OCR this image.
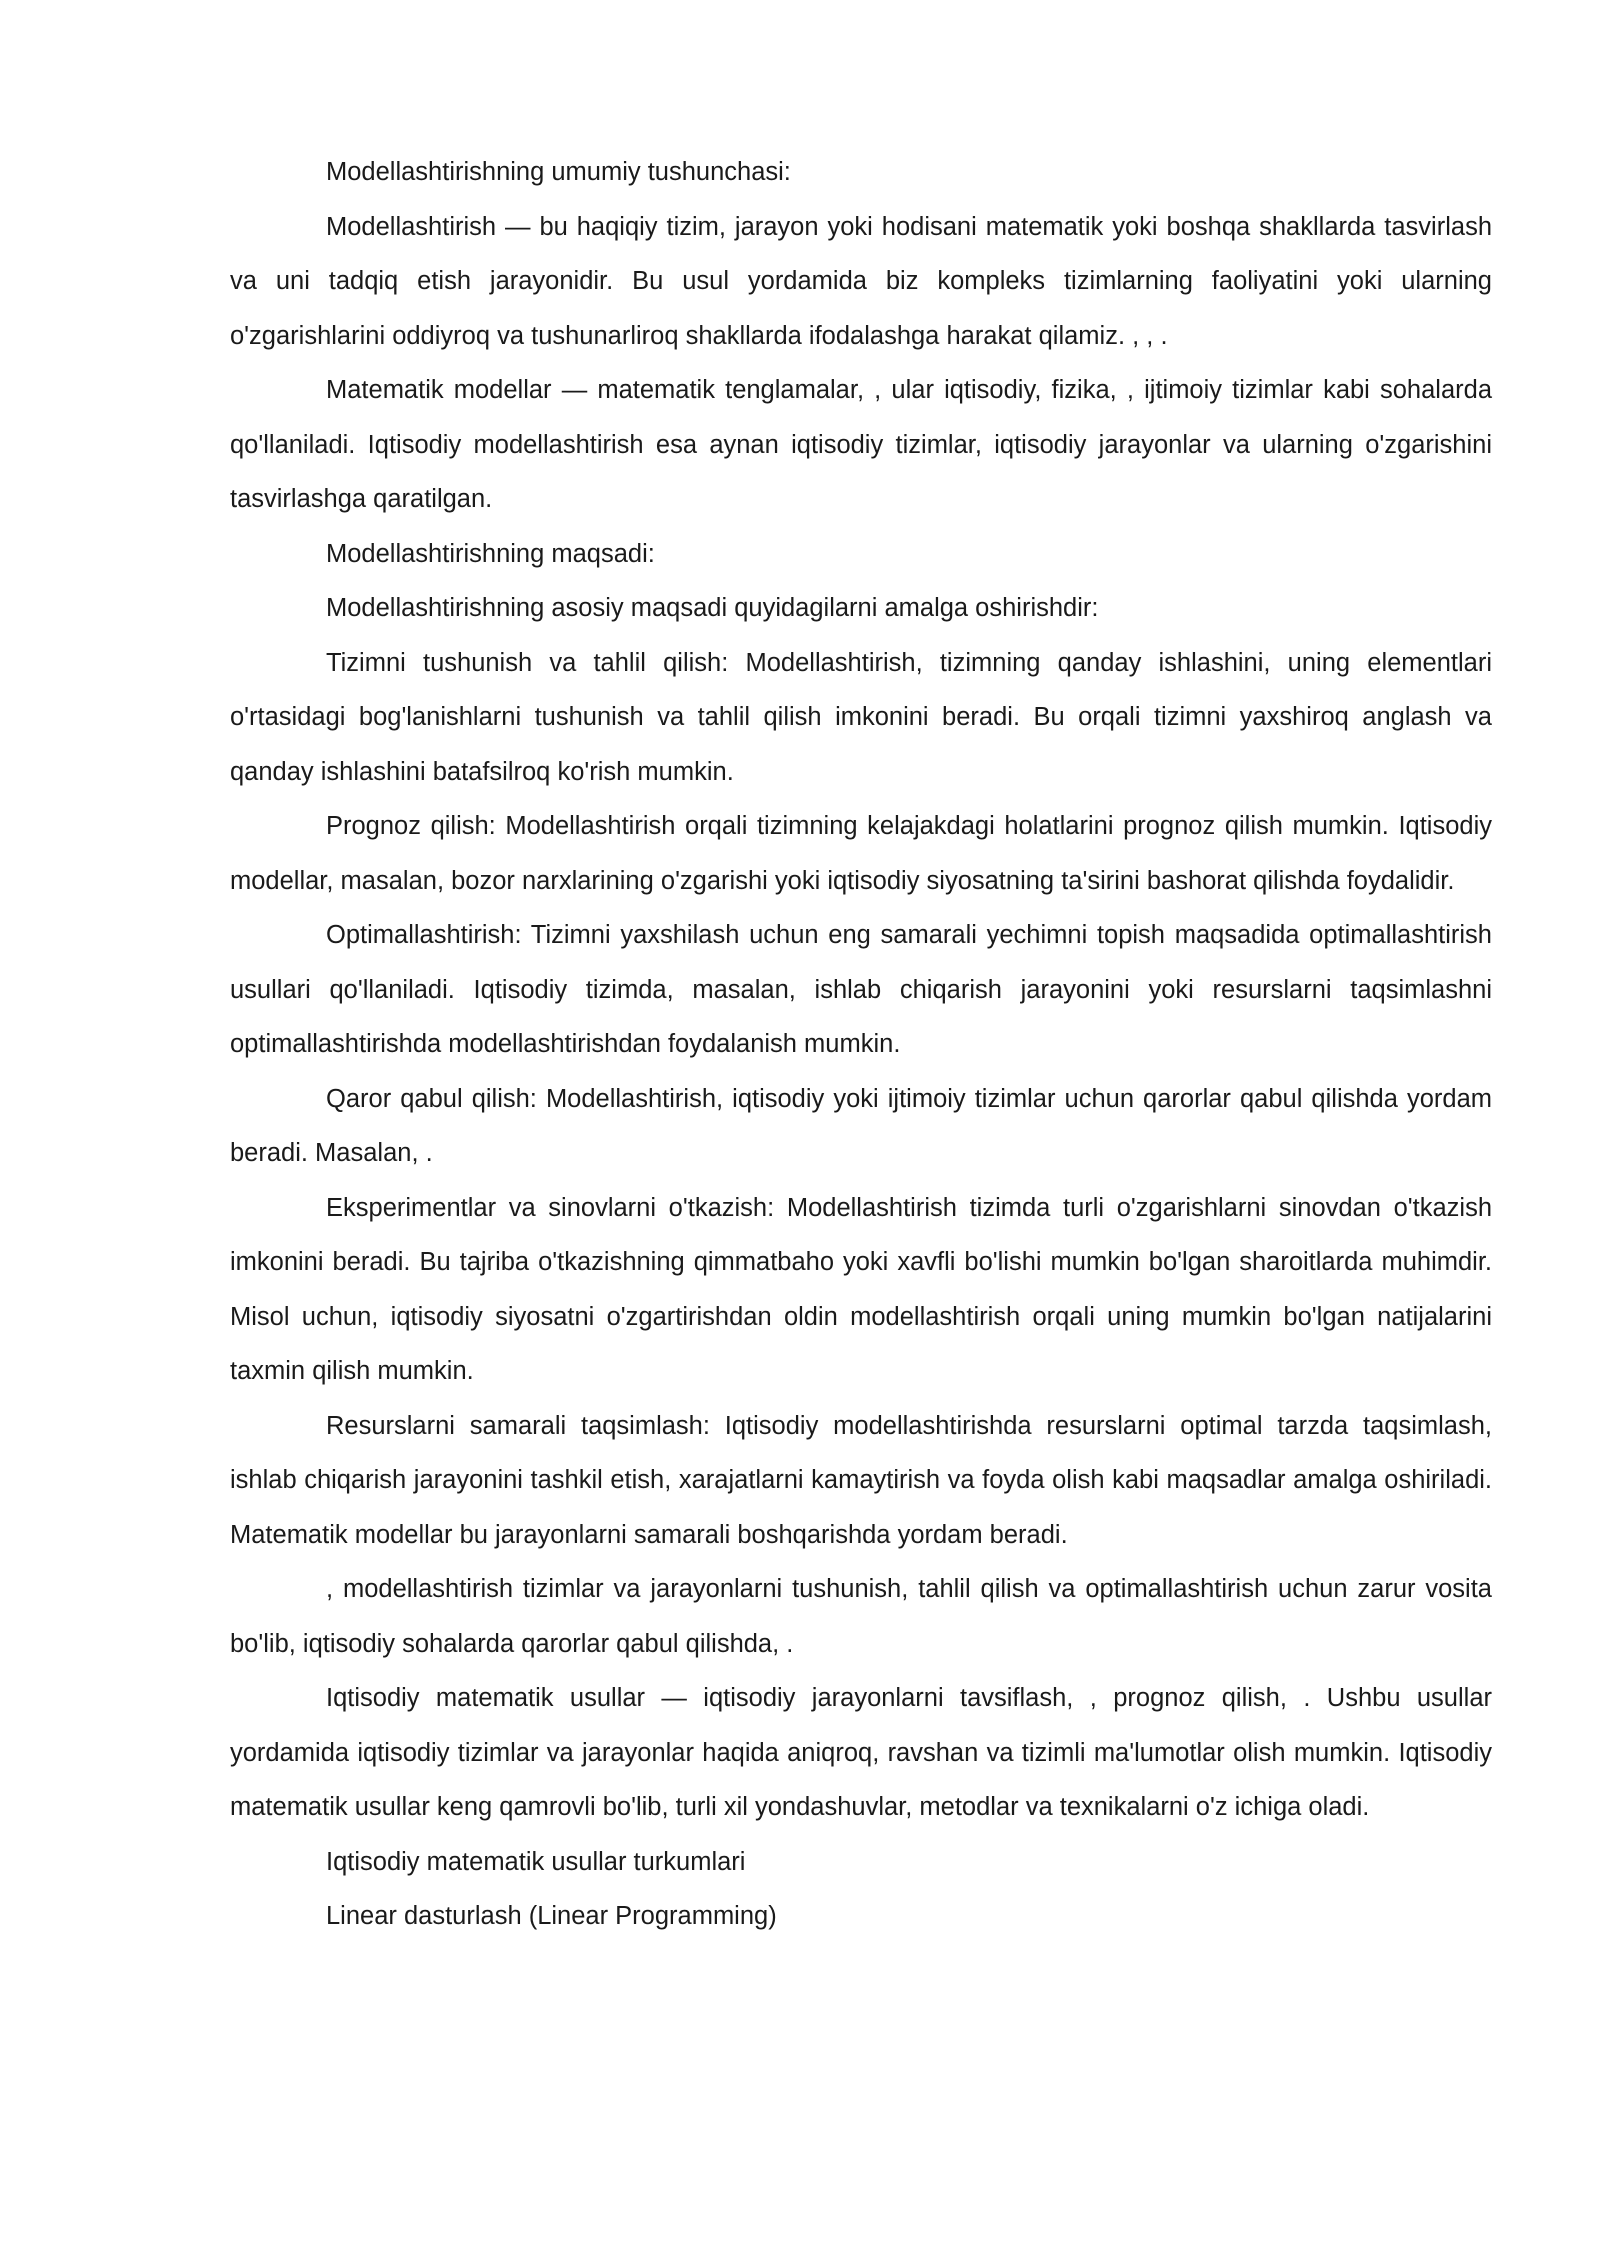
Modellashtirishning umumiy tushunchasi:

Modellashtirish — bu haqiqiy tizim, jarayon yoki hodisani matematik yoki boshqa shakllarda tasvirlash va uni tadqiq etish jarayonidir. Bu usul yordamida biz kompleks tizimlarning faoliyatini yoki ularning o'zgarishlarini oddiyroq va tushunarliroq shakllarda ifodalashga harakat qilamiz. , , .

Matematik modellar — matematik tenglamalar, , ular iqtisodiy, fizika, , ijtimoiy tizimlar kabi sohalarda qo'llaniladi. Iqtisodiy modellashtirish esa aynan iqtisodiy tizimlar, iqtisodiy jarayonlar va ularning o'zgarishini tasvirlashga qaratilgan.

Modellashtirishning maqsadi:

Modellashtirishning asosiy maqsadi quyidagilarni amalga oshirishdir:

Tizimni tushunish va tahlil qilish: Modellashtirish, tizimning qanday ishlashini, uning elementlari o'rtasidagi bog'lanishlarni tushunish va tahlil qilish imkonini beradi. Bu orqali tizimni yaxshiroq anglash va qanday ishlashini batafsilroq ko'rish mumkin.

Prognoz qilish: Modellashtirish orqali tizimning kelajakdagi holatlarini prognoz qilish mumkin. Iqtisodiy modellar, masalan, bozor narxlarining o'zgarishi yoki iqtisodiy siyosatning ta'sirini bashorat qilishda foydalidir.

Optimallashtirish: Tizimni yaxshilash uchun eng samarali yechimni topish maqsadida optimallashtirish usullari qo'llaniladi. Iqtisodiy tizimda, masalan, ishlab chiqarish jarayonini yoki resurslarni taqsimlashni optimallashtirishda modellashtirishdan foydalanish mumkin.

Qaror qabul qilish: Modellashtirish, iqtisodiy yoki ijtimoiy tizimlar uchun qarorlar qabul qilishda yordam beradi. Masalan, .

Eksperimentlar va sinovlarni o'tkazish: Modellashtirish tizimda turli o'zgarishlarni sinovdan o'tkazish imkonini beradi. Bu tajriba o'tkazishning qimmatbaho yoki xavfli bo'lishi mumkin bo'lgan sharoitlarda muhimdir. Misol uchun, iqtisodiy siyosatni o'zgartirishdan oldin modellashtirish orqali uning mumkin bo'lgan natijalarini taxmin qilish mumkin.

Resurslarni samarali taqsimlash: Iqtisodiy modellashtirishda resurslarni optimal tarzda taqsimlash, ishlab chiqarish jarayonini tashkil etish, xarajatlarni kamaytirish va foyda olish kabi maqsadlar amalga oshiriladi. Matematik modellar bu jarayonlarni samarali boshqarishda yordam beradi.

, modellashtirish tizimlar va jarayonlarni tushunish, tahlil qilish va optimallashtirish uchun zarur vosita bo'lib, iqtisodiy sohalarda qarorlar qabul qilishda, .

Iqtisodiy matematik usullar — iqtisodiy jarayonlarni tavsiflash, , prognoz qilish, . Ushbu usullar yordamida iqtisodiy tizimlar va jarayonlar haqida aniqroq, ravshan va tizimli ma'lumotlar olish mumkin. Iqtisodiy matematik usullar keng qamrovli bo'lib, turli xil yondashuvlar, metodlar va texnikalarni o'z ichiga oladi.

Iqtisodiy matematik usullar turkumlari

Linear dasturlash (Linear Programming)
